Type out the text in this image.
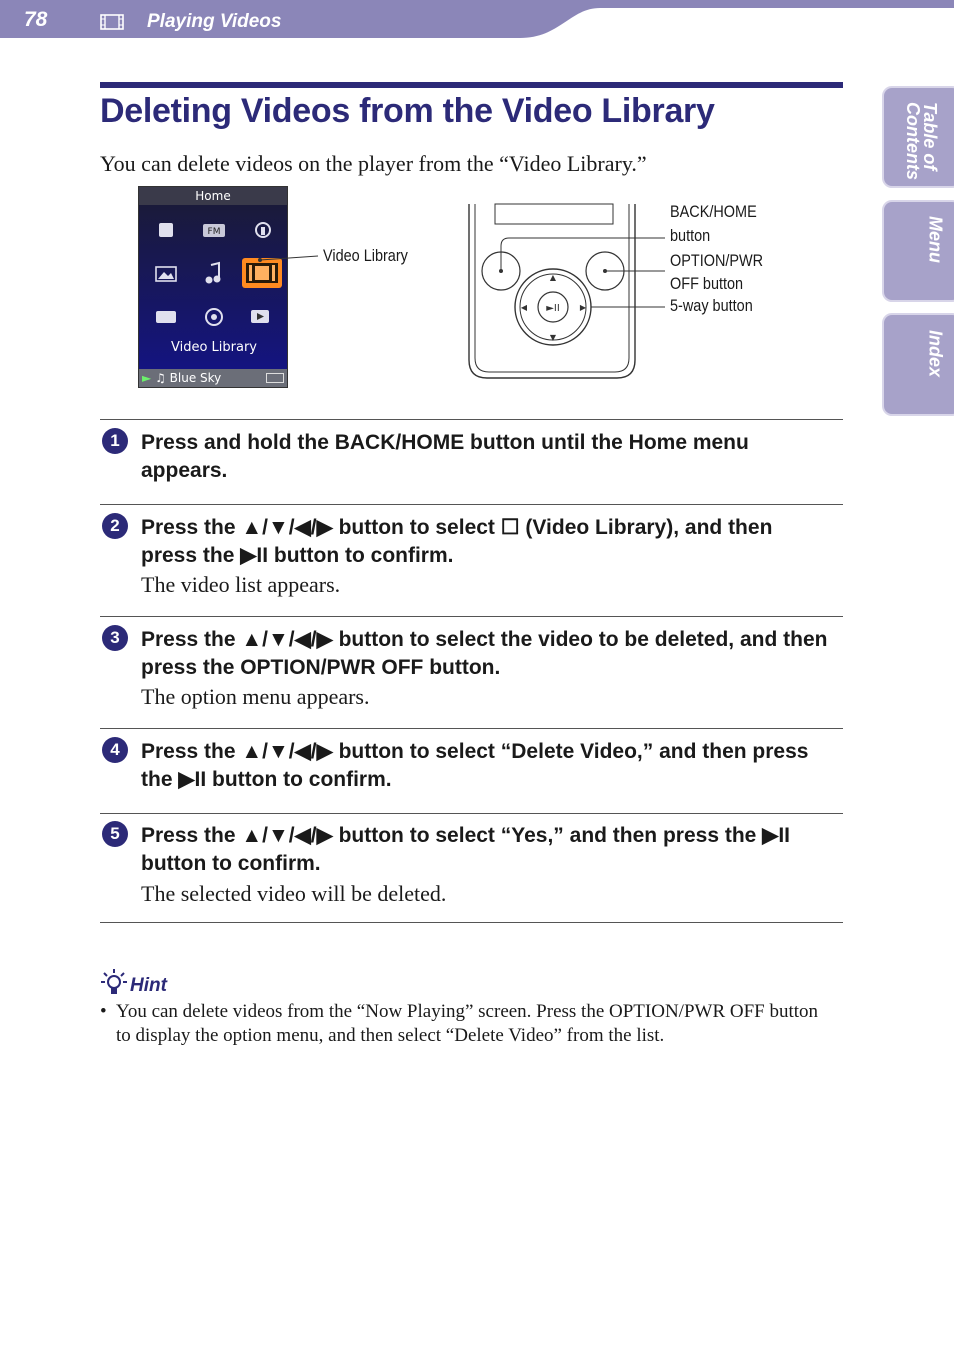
78	Playing Videos
Table of
Contents
Menu
Index
Deleting Videos from the Video Library
You can delete videos on the player from the “Video Library.”
Home
FM
Video Library
► ♫ Blue Sky
Video Library
►II
▲
▼
◀	▶
BACK/HOME
button
OPTION/PWR
OFF button
5-way button
1	Press and hold the BACK/HOME button until the Home menu appears.
2	Press the ▲/▼/◀/▶ button to select ☐ (Video Library), and then press the ▶II button to confirm.
The video list appears.
3	Press the ▲/▼/◀/▶ button to select the video to be deleted, and then press the OPTION/PWR OFF button.
The option menu appears.
4	Press the ▲/▼/◀/▶ button to select “Delete Video,” and then press the ▶II button to confirm.
5	Press the ▲/▼/◀/▶ button to select “Yes,” and then press the ▶II button to confirm.
The selected video will be deleted.
Hint
• You can delete videos from the “Now Playing” screen. Press the OPTION/PWR OFF button to display the option menu, and then select “Delete Video” from the list.
